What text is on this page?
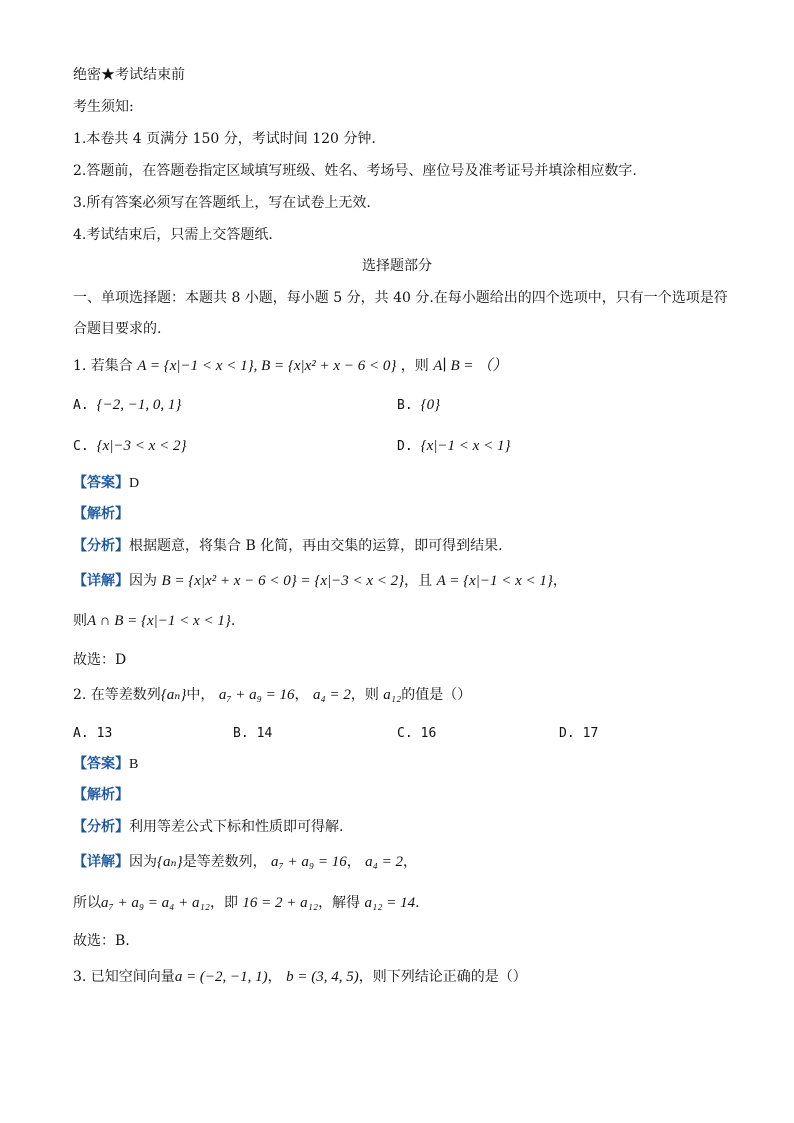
绝密★考试结束前
考生须知:
1.本卷共 4 页满分 150 分，考试时间 120 分钟.
2.答题前，在答题卷指定区域填写班级、姓名、考场号、座位号及准考证号并填涂相应数字.
3.所有答案必须写在答题纸上，写在试卷上无效.
4.考试结束后，只需上交答题纸.
选择题部分
一、单项选择题：本题共 8 小题，每小题 5 分，共 40 分.在每小题给出的四个选项中，只有一个选项是符
合题目要求的.
1. 若集合 A = {x|−1 < x < 1}, B = {x|x² + x − 6 < 0} ，则 A∣ B = （）
A. {−2, −1, 0, 1}	B. {0}
C. {x|−3 < x < 2}	D. {x|−1 < x < 1}
【答案】D
【解析】
【分析】根据题意，将集合 B 化简，再由交集的运算，即可得到结果.
【详解】因为 B = {x|x² + x − 6 < 0} = {x|−3 < x < 2}，且 A = {x|−1 < x < 1}，
则A ∩ B = {x|−1 < x < 1}.
故选：D
2. 在等差数列{aₙ}中， a₇ + a₉ = 16， a₄ = 2，则 a₁₂的值是（）
A. 13	B. 14	C. 16	D. 17
【答案】B
【解析】
【分析】利用等差公式下标和性质即可得解.
【详解】因为{aₙ}是等差数列， a₇ + a₉ = 16， a₄ = 2，
所以a₇ + a₉ = a₄ + a₁₂，即 16 = 2 + a₁₂，解得 a₁₂ = 14.
故选：B.
3. 已知空间向量a = (−2, −1, 1)， b = (3, 4, 5)，则下列结论正确的是（）
